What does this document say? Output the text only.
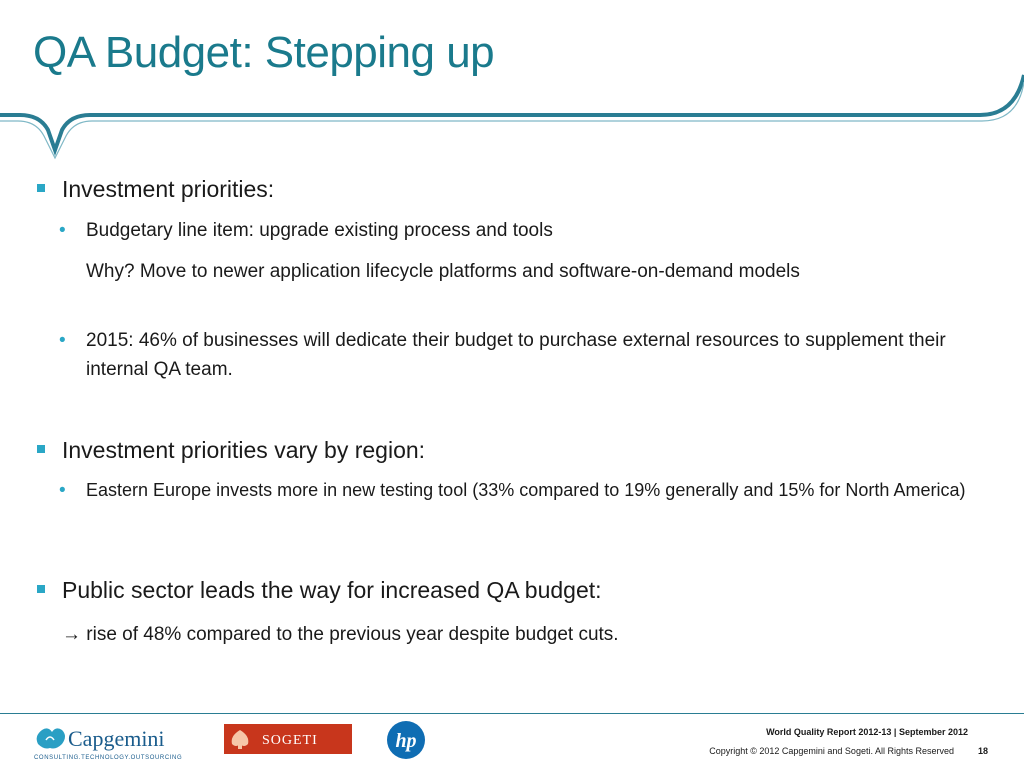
QA Budget: Stepping up
Investment priorities:
• Budgetary line item: upgrade existing process and tools
Why? Move to newer application lifecycle platforms and software-on-demand models
• 2015: 46% of businesses will dedicate their budget to purchase external resources to supplement their internal QA team.
Investment priorities vary by region:
• Eastern Europe invests more in new testing tool (33% compared to 19% generally and 15% for North America)
Public sector leads the way for increased QA budget:
→ rise of 48% compared to the previous year despite budget cuts.
Capgemini
CONSULTING.TECHNOLOGY.OUTSOURCING
SOGETI	hp	World Quality Report 2012-13 | September 2012
Copyright © 2012 Capgemini and Sogeti. All Rights Reserved	18
